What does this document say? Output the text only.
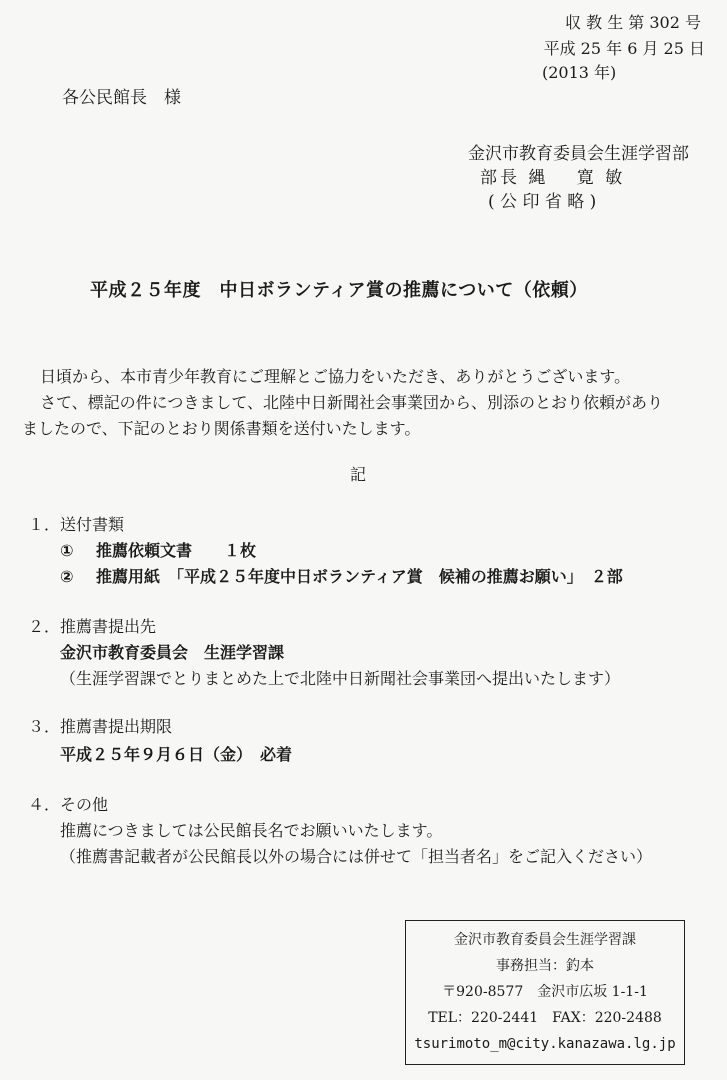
収 教 生 第 302 号
平成 25 年 6 月 25 日
(2013 年)
各公民館長　様
金沢市教育委員会生涯学習部
部長 縄　 寛 敏
( 公 印 省 略 )
平成２５年度　中日ボランティア賞の推薦について（依頼）
日頃から、本市青少年教育にご理解とご協力をいただき、ありがとうございます。
さて、標記の件につきまして、北陸中日新聞社会事業団から、別添のとおり依頼があり
ましたので、下記のとおり関係書類を送付いたします。
記
１．送付書類
① 推薦依頼文書　　１枚
② 推薦用紙　「平成２５年度中日ボランティア賞　候補の推薦お願い」　２部
２．推薦書提出先
金沢市教育委員会　生涯学習課
（生涯学習課でとりまとめた上で北陸中日新聞社会事業団へ提出いたします）
３．推薦書提出期限
平成２５年９月６日（金）　必着
４．その他
推薦につきましては公民館長名でお願いいたします。
（推薦書記載者が公民館長以外の場合には併せて「担当者名」をご記入ください）
金沢市教育委員会生涯学習課
事務担当：釣本
〒920-8577　金沢市広坂 1-1-1
TEL：220-2441　FAX：220-2488
tsurimoto_m@city.kanazawa.lg.jp
